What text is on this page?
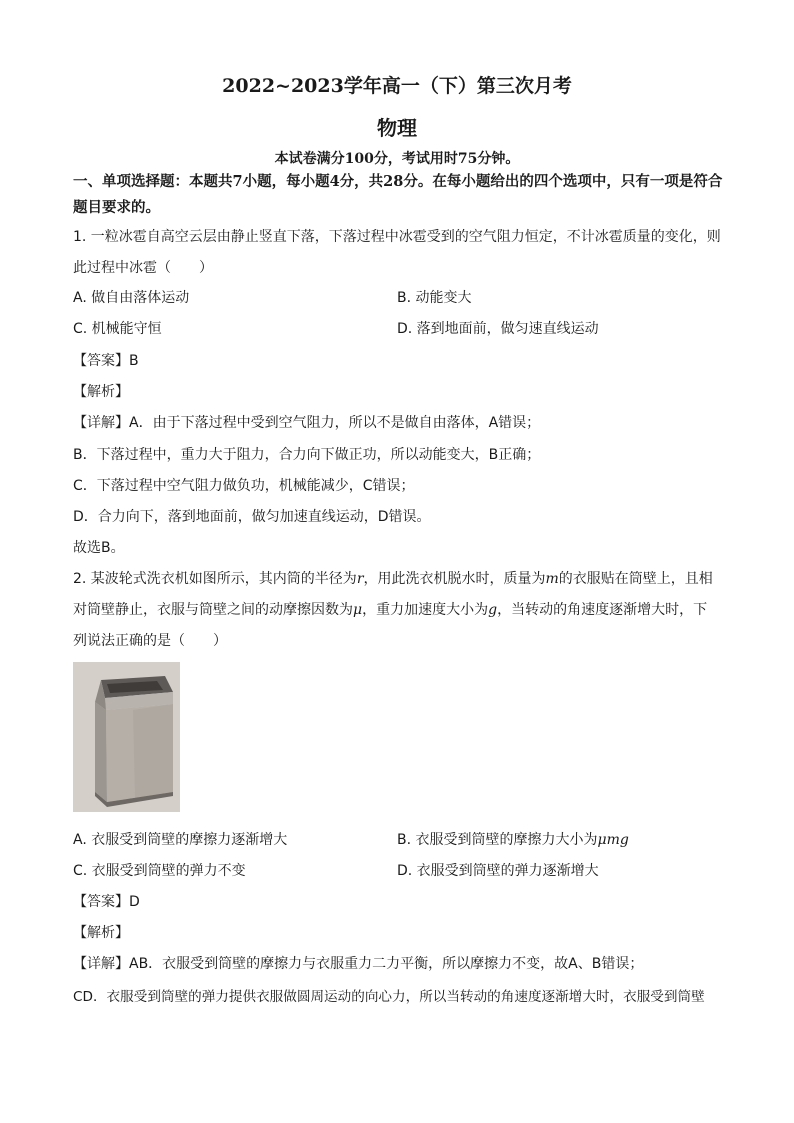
2022~2023学年高一（下）第三次月考
物理
本试卷满分100分，考试用时75分钟。
一、单项选择题：本题共7小题，每小题4分，共28分。在每小题给出的四个选项中，只有一项是符合题目要求的。
1. 一粒冰雹自高空云层由静止竖直下落，下落过程中冰雹受到的空气阻力恒定，不计冰雹质量的变化，则
此过程中冰雹（　　）
A. 做自由落体运动	B. 动能变大
C. 机械能守恒	D. 落到地面前，做匀速直线运动
【答案】B
【解析】
【详解】A．由于下落过程中受到空气阻力，所以不是做自由落体，A错误；
B．下落过程中，重力大于阻力，合力向下做正功，所以动能变大，B正确；
C．下落过程中空气阻力做负功，机械能减少，C错误；
D．合力向下，落到地面前，做匀加速直线运动，D错误。
故选B。
2. 某波轮式洗衣机如图所示，其内筒的半径为r，用此洗衣机脱水时，质量为m的衣服贴在筒壁上，且相
对筒壁静止，衣服与筒壁之间的动摩擦因数为μ，重力加速度大小为g，当转动的角速度逐渐增大时，下
列说法正确的是（　　）
A. 衣服受到筒壁的摩擦力逐渐增大	B. 衣服受到筒壁的摩擦力大小为μmg
C. 衣服受到筒壁的弹力不变	D. 衣服受到筒壁的弹力逐渐增大
【答案】D
【解析】
【详解】AB．衣服受到筒壁的摩擦力与衣服重力二力平衡，所以摩擦力不变，故A、B错误；
CD．衣服受到筒壁的弹力提供衣服做圆周运动的向心力，所以当转动的角速度逐渐增大时，衣服受到筒壁
